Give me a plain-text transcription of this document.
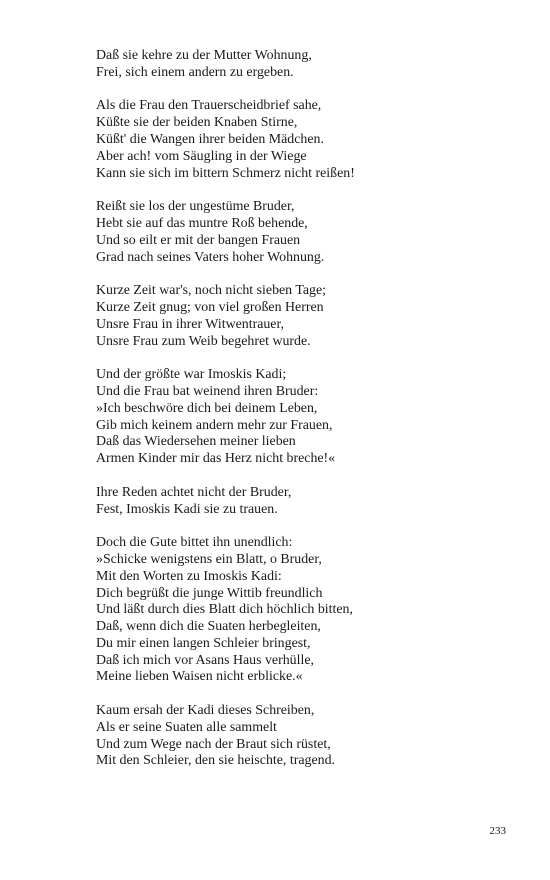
Daß sie kehre zu der Mutter Wohnung,
Frei, sich einem andern zu ergeben.
Als die Frau den Trauerscheidbrief sahe,
Küßte sie der beiden Knaben Stirne,
Küßt' die Wangen ihrer beiden Mädchen.
Aber ach! vom Säugling in der Wiege
Kann sie sich im bittern Schmerz nicht reißen!
Reißt sie los der ungestüme Bruder,
Hebt sie auf das muntre Roß behende,
Und so eilt er mit der bangen Frauen
Grad nach seines Vaters hoher Wohnung.
Kurze Zeit war's, noch nicht sieben Tage;
Kurze Zeit gnug; von viel großen Herren
Unsre Frau in ihrer Witwentrauer,
Unsre Frau zum Weib begehret wurde.
Und der größte war Imoskis Kadi;
Und die Frau bat weinend ihren Bruder:
»Ich beschwöre dich bei deinem Leben,
Gib mich keinem andern mehr zur Frauen,
Daß das Wiedersehen meiner lieben
Armen Kinder mir das Herz nicht breche!«
Ihre Reden achtet nicht der Bruder,
Fest, Imoskis Kadi sie zu trauen.
Doch die Gute bittet ihn unendlich:
»Schicke wenigstens ein Blatt, o Bruder,
Mit den Worten zu Imoskis Kadi:
Dich begrüßt die junge Wittib freundlich
Und läßt durch dies Blatt dich höchlich bitten,
Daß, wenn dich die Suaten herbegleiten,
Du mir einen langen Schleier bringest,
Daß ich mich vor Asans Haus verhülle,
Meine lieben Waisen nicht erblicke.«
Kaum ersah der Kadi dieses Schreiben,
Als er seine Suaten alle sammelt
Und zum Wege nach der Braut sich rüstet,
Mit den Schleier, den sie heischte, tragend.
233
